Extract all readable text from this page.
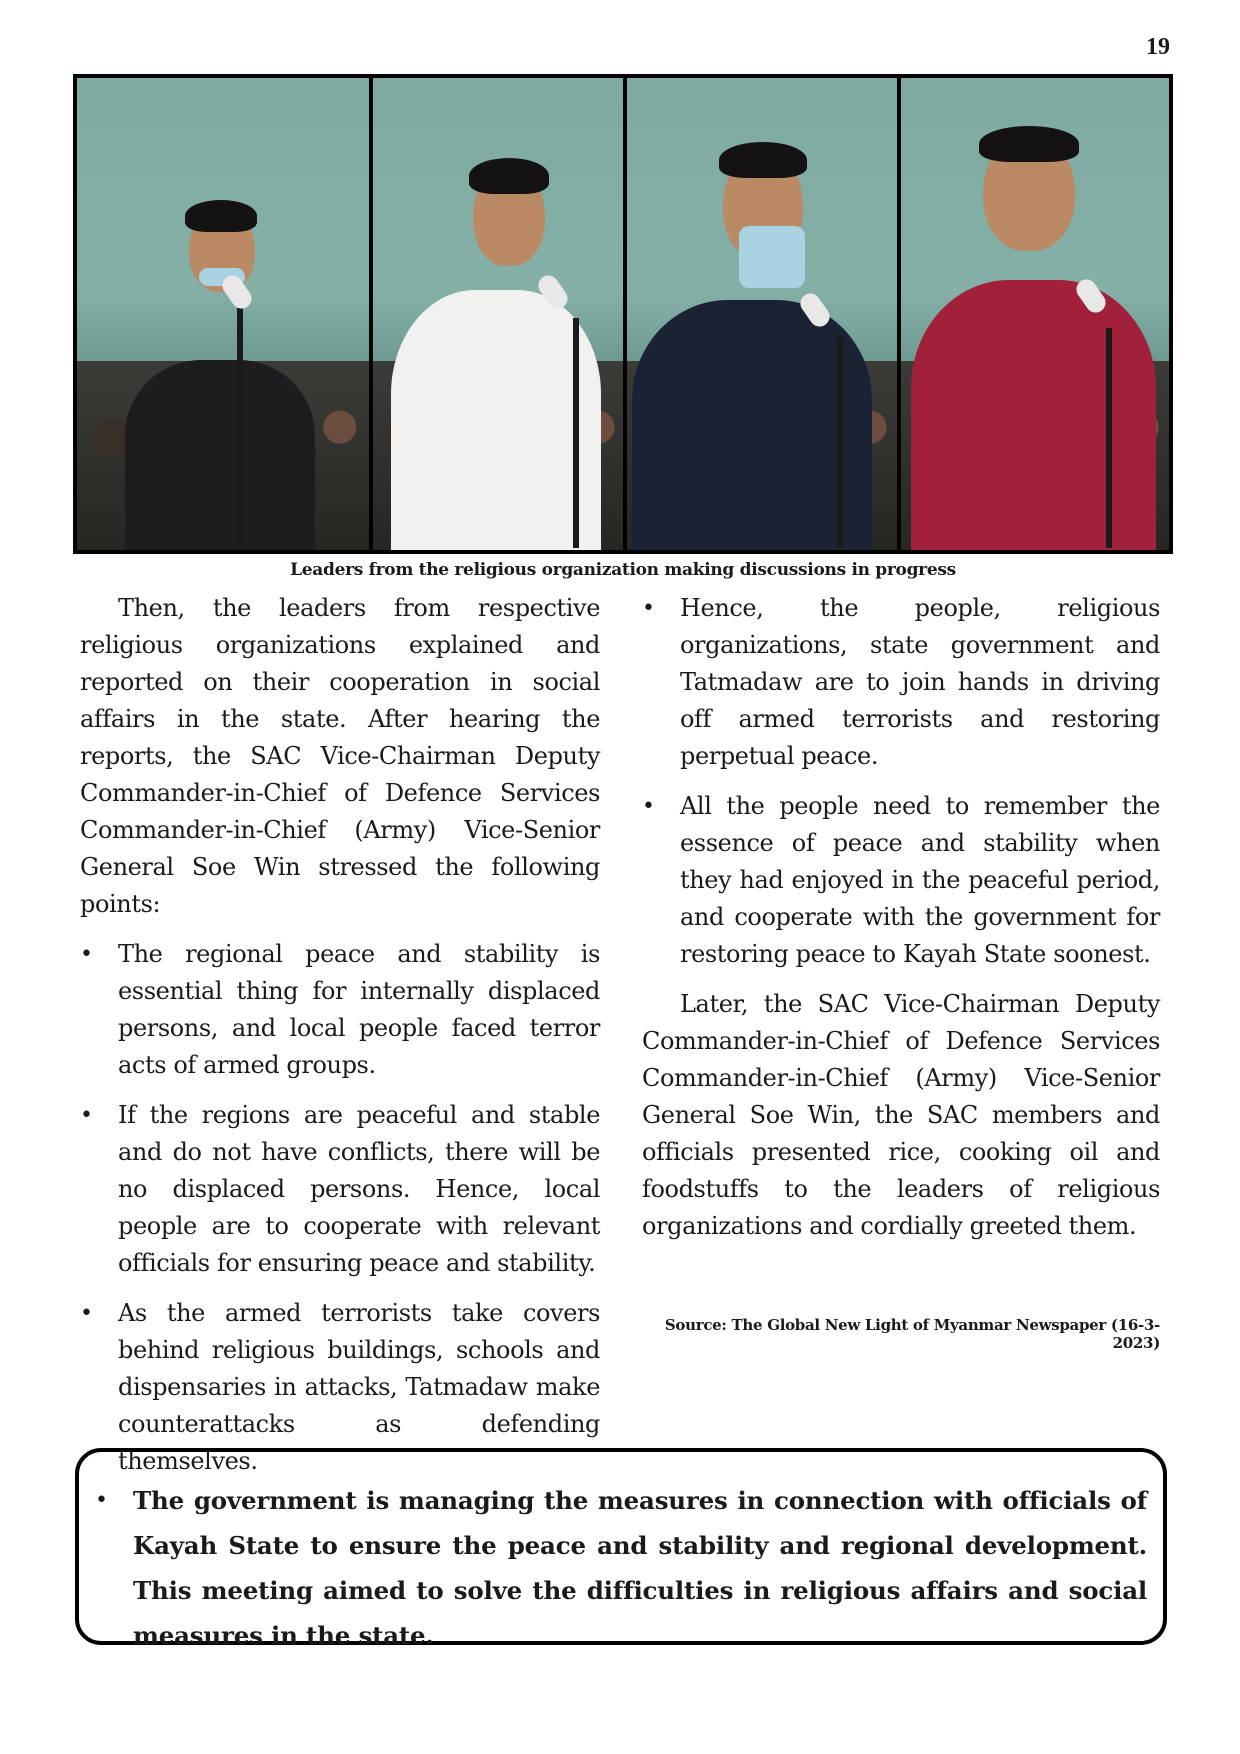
19
Leaders from the religious organization making discussions in progress

Then, the leaders from respective religious organizations explained and reported on their cooperation in social affairs in the state. After hearing the reports, the SAC Vice-Chairman Deputy Commander-in-Chief of Defence Services Commander-in-Chief (Army) Vice-Senior General Soe Win stressed the following points:

• The regional peace and stability is essential thing for internally displaced persons, and local people faced terror acts of armed groups.
• If the regions are peaceful and stable and do not have conflicts, there will be no displaced persons. Hence, local people are to cooperate with relevant officials for ensuring peace and stability.
• As the armed terrorists take covers behind religious buildings, schools and dispensaries in attacks, Tatmadaw make counterattacks as defending themselves.
• Hence, the people, religious organizations, state government and Tatmadaw are to join hands in driving off armed terrorists and restoring perpetual peace.
• All the people need to remember the essence of peace and stability when they had enjoyed in the peaceful period, and cooperate with the government for restoring peace to Kayah State soonest.

Later, the SAC Vice-Chairman Deputy Commander-in-Chief of Defence Services Commander-in-Chief (Army) Vice-Senior General Soe Win, the SAC members and officials presented rice, cooking oil and foodstuffs to the leaders of religious organizations and cordially greeted them.

Source: The Global New Light of Myanmar Newspaper (16-3-2023)
• The government is managing the measures in connection with officials of Kayah State to ensure the peace and stability and regional development. This meeting aimed to solve the difficulties in religious affairs and social measures in the state.
